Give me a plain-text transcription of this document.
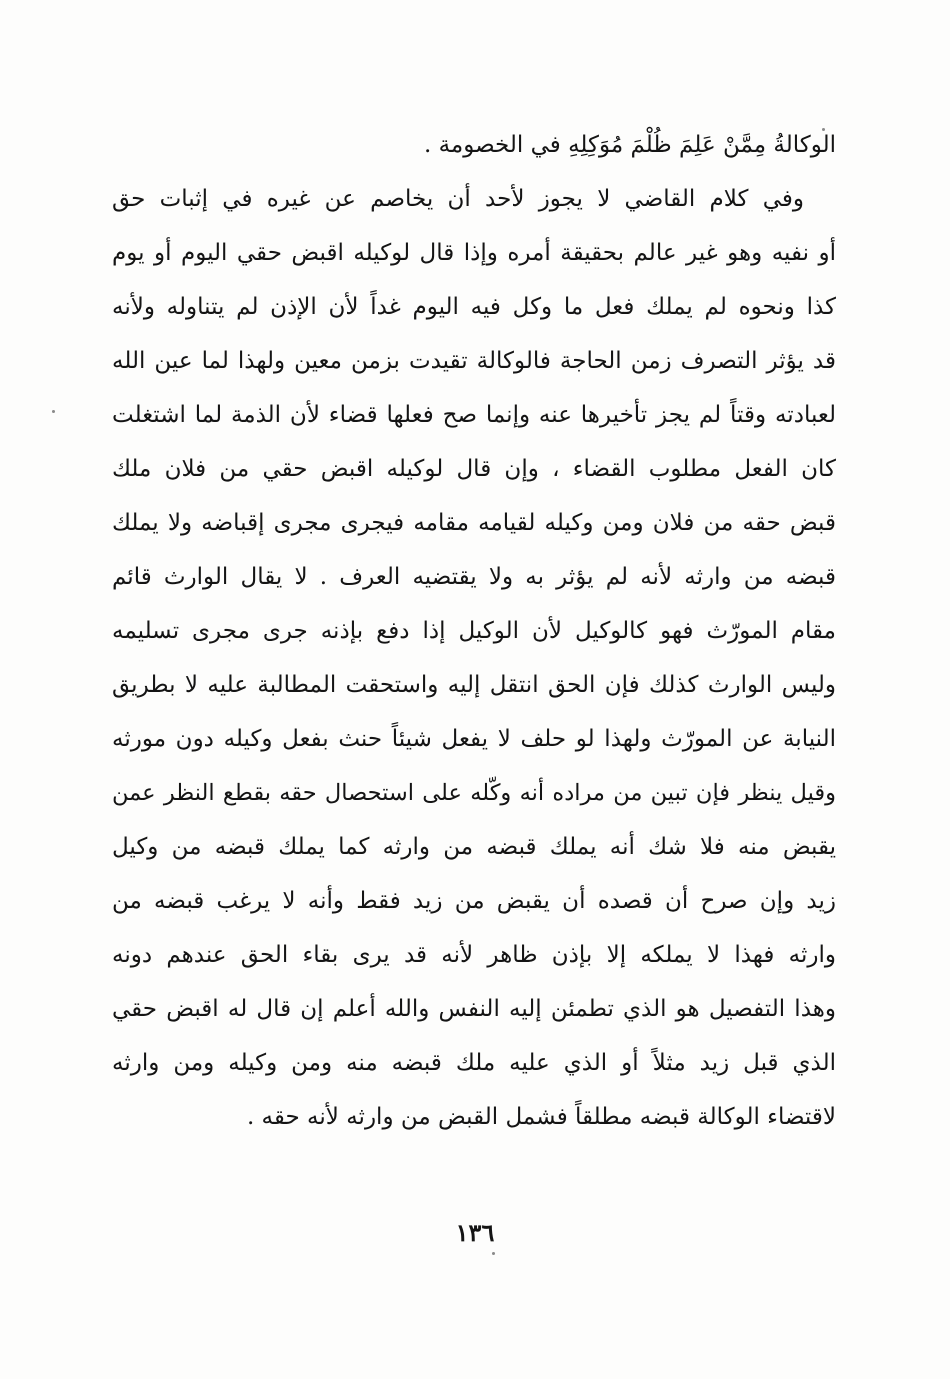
الوكالةُ مِمَّنْ عَلِمَ ظُلْمَ مُوَكِلِهِ في الخصومة .
وفي كلام القاضي لا يجوز لأحد أن يخاصم عن غيره في إثبات حق
أو نفيه وهو غير عالم بحقيقة أمره وإذا قال لوكيله اقبض حقي اليوم أو يوم
كذا ونحوه لم يملك فعل ما وكل فيه اليوم غداً لأن الإذن لم يتناوله ولأنه
قد يؤثر التصرف زمن الحاجة فالوكالة تقيدت بزمن معين ولهذا لما عين الله
لعبادته وقتاً لم يجز تأخيرها عنه وإنما صح فعلها قضاء لأن الذمة لما اشتغلت
كان الفعل مطلوب القضاء ، وإن قال لوكيله اقبض حقي من فلان ملك
قبض حقه من فلان ومن وكيله لقيامه مقامه فيجرى مجرى إقباضه ولا يملك
قبضه من وارثه لأنه لم يؤثر به ولا يقتضيه العرف . لا يقال الوارث قائم
مقام المورّث فهو كالوكيل لأن الوكيل إذا دفع بإذنه جرى مجرى تسليمه
وليس الوارث كذلك فإن الحق انتقل إليه واستحقت المطالبة عليه لا بطريق
النيابة عن المورّث ولهذا لو حلف لا يفعل شيئاً حنث بفعل وكيله دون مورثه
وقيل ينظر فإن تبين من مراده أنه وكّله على استحصال حقه بقطع النظر عمن
يقبض منه فلا شك أنه يملك قبضه من وارثه كما يملك قبضه من وكيل
زيد وإن صرح أن قصده أن يقبض من زيد فقط وأنه لا يرغب قبضه من
وارثه فهذا لا يملكه إلا بإذن ظاهر لأنه قد يرى بقاء الحق عندهم دونه
وهذا التفصيل هو الذي تطمئن إليه النفس والله أعلم إن قال له اقبض حقي
الذي قبل زيد مثلاً أو الذي عليه ملك قبضه منه ومن وكيله ومن وارثه
لاقتضاء الوكالة قبضه مطلقاً فشمل القبض من وارثه لأنه حقه .
١٣٦
